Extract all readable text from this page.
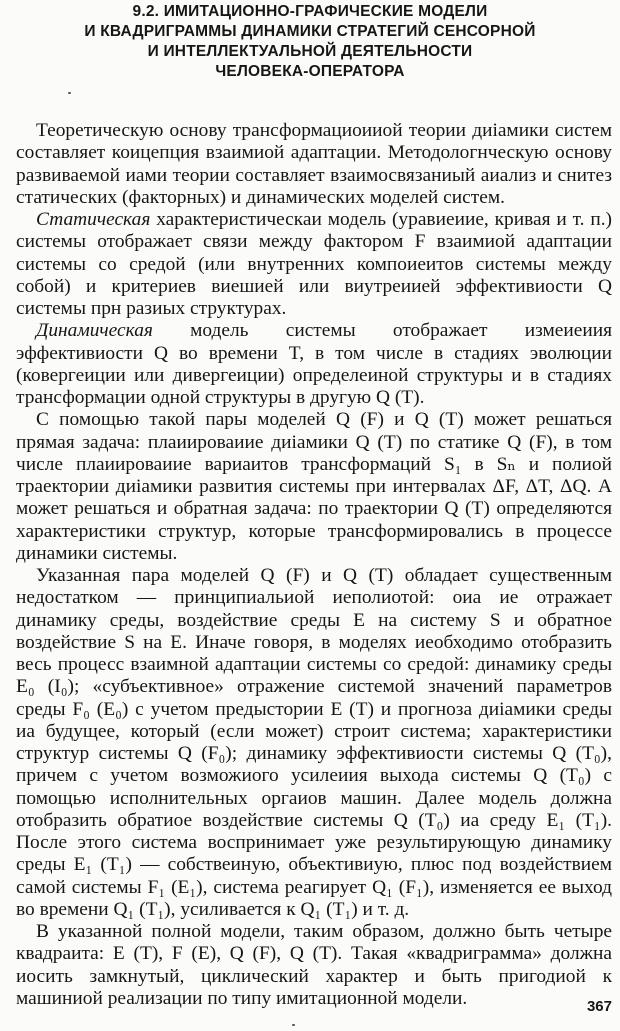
9.2. ИМИТАЦИОННО-ГРАФИЧЕСКИЕ МОДЕЛИ
И КВАДРИГРАММЫ ДИНАМИКИ СТРАТЕГИЙ СЕНСОРНОЙ
И ИНТЕЛЛЕКТУАЛЬНОЙ ДЕЯТЕЛЬНОСТИ
ЧЕЛОВЕКА-ОПЕРАТОРА

Теоретическую основу трансформациоииой теории диiамики систем составляет коицепция взаимиой адаптации. Методологнческую основу развиваемой иами теории составляет взаимосвязаниый аиализ и снитез статических (факторных) и динамических моделей систем.

Статическая характеристическаи модель (уравиеиие, кривая и т. п.) системы отображает связи между фактором F взаимиой адаптации системы со средой (или внутренних компоиеитов системы между собой) и критериев виешией или виутреиией эффективиости Q системы прн разиых структурах.

Динамическая модель системы отображает измеиеиия эффективиости Q во времени T, в том числе в стадиях эволюции (ковергеиции или дивергеиции) определеиной структуры и в стадиях трансформации одной структуры в другую Q (T).

С помощью такой пары моделей Q (F) и Q (T) может решаться прямая задача: плаиироваиие диiамики Q (T) по статике Q (F), в том числе плаиироваиие вариаитов трансформаций S₁ в Sₙ и полиой траектории диiамики развития системы при интервалах ΔF, ΔT, ΔQ. А может решаться и обратная задача: по траектории Q (T) определяются характеристики структур, которые трансформировались в процессе динамики системы.

Указанная пара моделей Q (F) и Q (T) обладает существенным недостатком — принципиальиой иеполиотой: оиа ие отражает динамику среды, воздействие среды E на систему S и обратное воздействие S на E. Иначе говоря, в моделях иеобходимо отобразить весь процесс взаимной адаптации системы со средой: динамику среды E₀ (I₀); «субъективное» отражение системой значений параметров среды F₀ (E₀) с учетом предыстории E (T) и прогноза диiамики среды иа будущее, который (если может) строит система; характеристики структур системы Q (F₀); динамику эффективиости системы Q (T₀), причем с учетом возможиого усилеиия выхода системы Q (T₀) с помощью исполнительных оргаиов машин. Далее модель должна отобразить обратиое воздействие системы Q (T₀) иа среду E₁ (T₁). После этого система воспринимает уже результирующую динамику среды E₁ (T₁) — собствеиную, объективиую, плюс под воздействием самой системы F₁ (E₁), система реагирует Q₁ (F₁), изменяется ее выход во времени Q₁ (T₁), усиливается к Q₁ (T₁) и т. д.

В указанной полной модели, таким образом, должно быть четыре квадраита: E (T), F (E), Q (F), Q (T). Такая «квадриграмма» должна иосить замкнутый, циклический характер и быть пригодиой к машиниой реализации по типу имитационной модели.	367
